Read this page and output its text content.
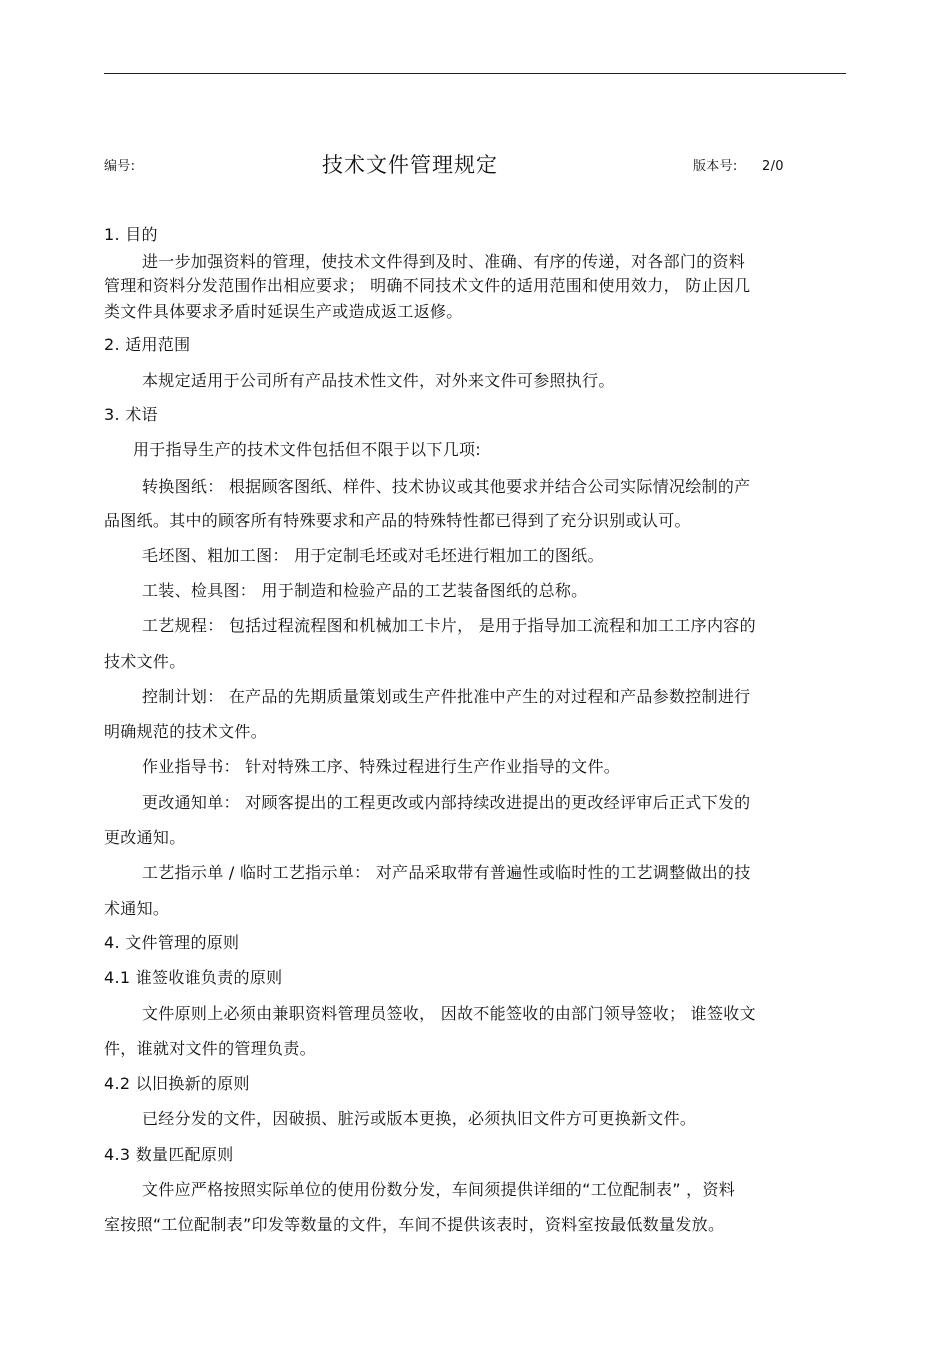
编号:	技术文件管理规定	版本号: 2/0
1. 目的
进一步加强资料的管理，使技术文件得到及时、准确、有序的传递，对各部门的资料
管理和资料分发范围作出相应要求； 明确不同技术文件的适用范围和使用效力， 防止因几
类文件具体要求矛盾时延误生产或造成返工返修。
2. 适用范围
本规定适用于公司所有产品技术性文件，对外来文件可参照执行。
3. 术语
用于指导生产的技术文件包括但不限于以下几项:
转换图纸： 根据顾客图纸、样件、技术协议或其他要求并结合公司实际情况绘制的产
品图纸。其中的顾客所有特殊要求和产品的特殊特性都已得到了充分识别或认可。
毛坯图、粗加工图： 用于定制毛坯或对毛坯进行粗加工的图纸。
工装、检具图： 用于制造和检验产品的工艺装备图纸的总称。
工艺规程： 包括过程流程图和机械加工卡片， 是用于指导加工流程和加工工序内容的
技术文件。
控制计划： 在产品的先期质量策划或生产件批准中产生的对过程和产品参数控制进行
明确规范的技术文件。
作业指导书： 针对特殊工序、特殊过程进行生产作业指导的文件。
更改通知单： 对顾客提出的工程更改或内部持续改进提出的更改经评审后正式下发的
更改通知。
工艺指示单 / 临时工艺指示单： 对产品采取带有普遍性或临时性的工艺调整做出的技
术通知。
4. 文件管理的原则
4.1 谁签收谁负责的原则
文件原则上必须由兼职资料管理员签收， 因故不能签收的由部门领导签收； 谁签收文
件，谁就对文件的管理负责。
4.2 以旧换新的原则
已经分发的文件，因破损、脏污或版本更换，必须执旧文件方可更换新文件。
4.3 数量匹配原则
文件应严格按照实际单位的使用份数分发，车间须提供详细的“工位配制表” ，资料
室按照“工位配制表”印发等数量的文件，车间不提供该表时，资料室按最低数量发放。
